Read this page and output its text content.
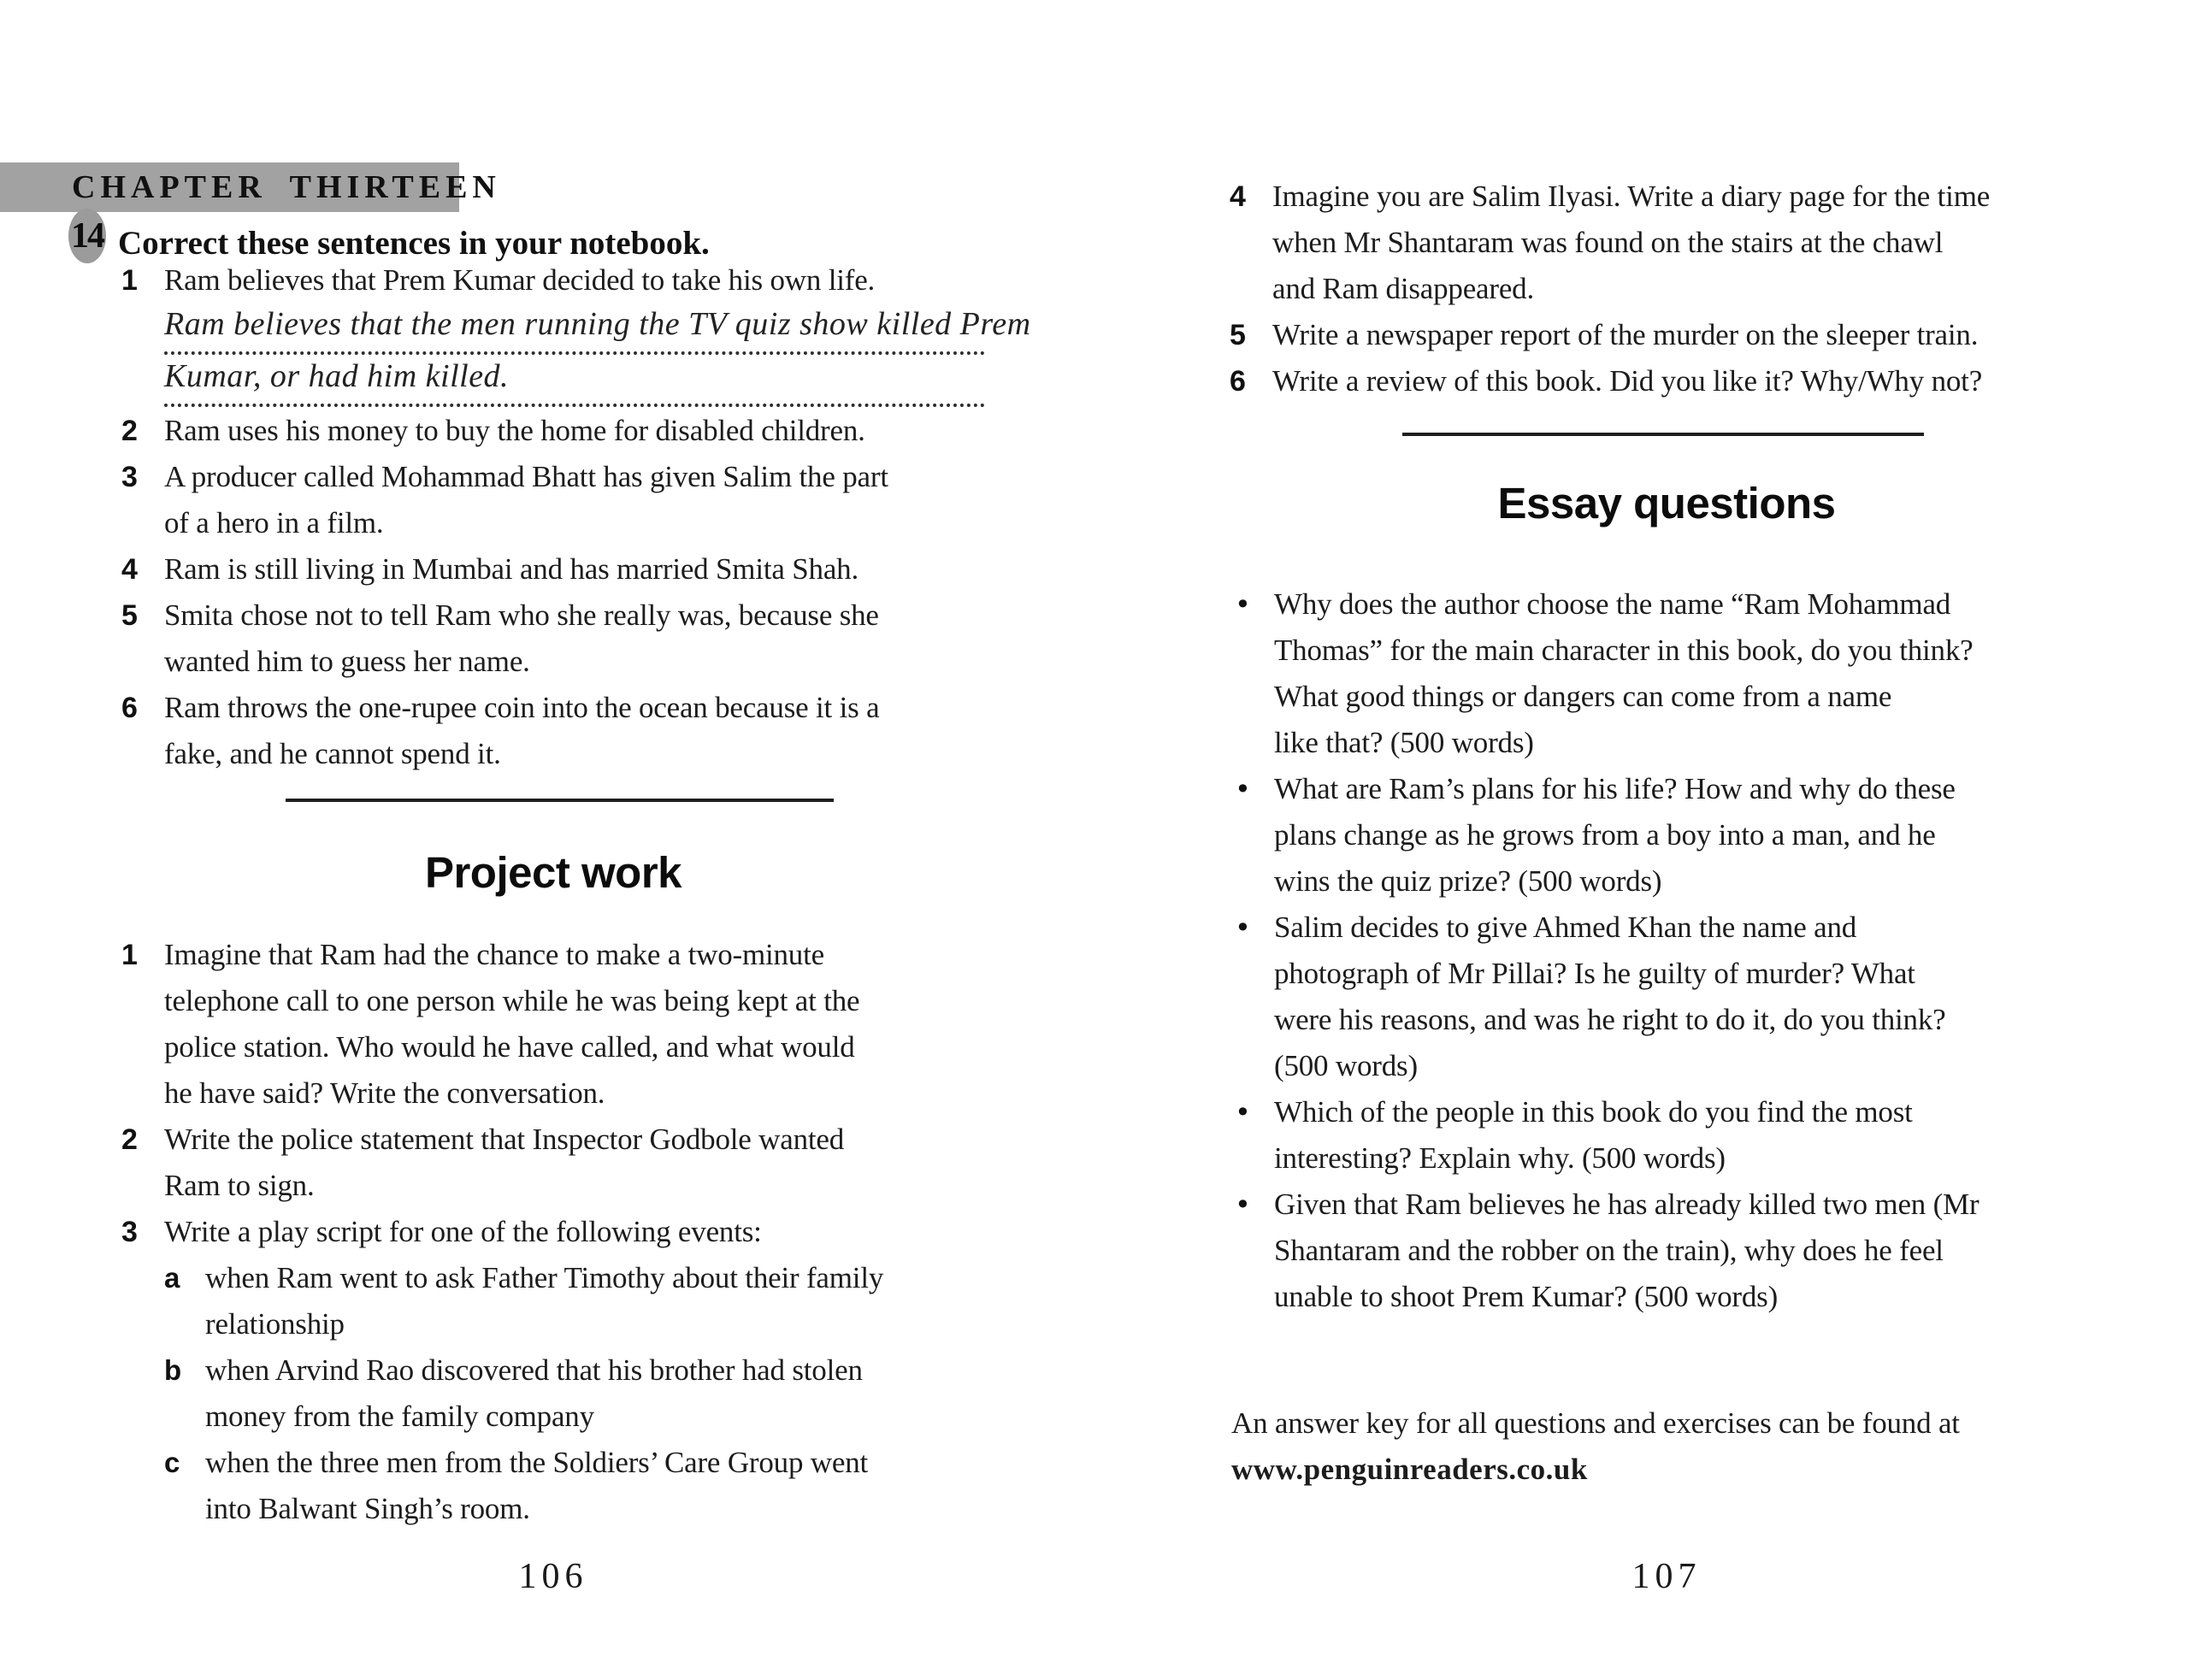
CHAPTER THIRTEEN
14 Correct these sentences in your notebook.
1 Ram believes that Prem Kumar decided to take his own life.
Ram believes that the men running the TV quiz show killed Prem
Kumar, or had him killed.
2 Ram uses his money to buy the home for disabled children.
3 A producer called Mohammad Bhatt has given Salim the part
of a hero in a film.
4 Ram is still living in Mumbai and has married Smita Shah.
5 Smita chose not to tell Ram who she really was, because she
wanted him to guess her name.
6 Ram throws the one-rupee coin into the ocean because it is a
fake, and he cannot spend it.
Project work
1 Imagine that Ram had the chance to make a two-minute
telephone call to one person while he was being kept at the
police station. Who would he have called, and what would
he have said? Write the conversation.
2 Write the police statement that Inspector Godbole wanted
Ram to sign.
3 Write a play script for one of the following events:
a when Ram went to ask Father Timothy about their family
relationship
b when Arvind Rao discovered that his brother had stolen
money from the family company
c when the three men from the Soldiers’ Care Group went
into Balwant Singh’s room.
106
4 Imagine you are Salim Ilyasi. Write a diary page for the time
when Mr Shantaram was found on the stairs at the chawl
and Ram disappeared.
5 Write a newspaper report of the murder on the sleeper train.
6 Write a review of this book. Did you like it? Why/Why not?
Essay questions
• Why does the author choose the name “Ram Mohammad
Thomas” for the main character in this book, do you think?
What good things or dangers can come from a name
like that? (500 words)
• What are Ram’s plans for his life? How and why do these
plans change as he grows from a boy into a man, and he
wins the quiz prize? (500 words)
• Salim decides to give Ahmed Khan the name and
photograph of Mr Pillai? Is he guilty of murder? What
were his reasons, and was he right to do it, do you think?
(500 words)
• Which of the people in this book do you find the most
interesting? Explain why. (500 words)
• Given that Ram believes he has already killed two men (Mr
Shantaram and the robber on the train), why does he feel
unable to shoot Prem Kumar? (500 words)
An answer key for all questions and exercises can be found at
www.penguinreaders.co.uk
107
